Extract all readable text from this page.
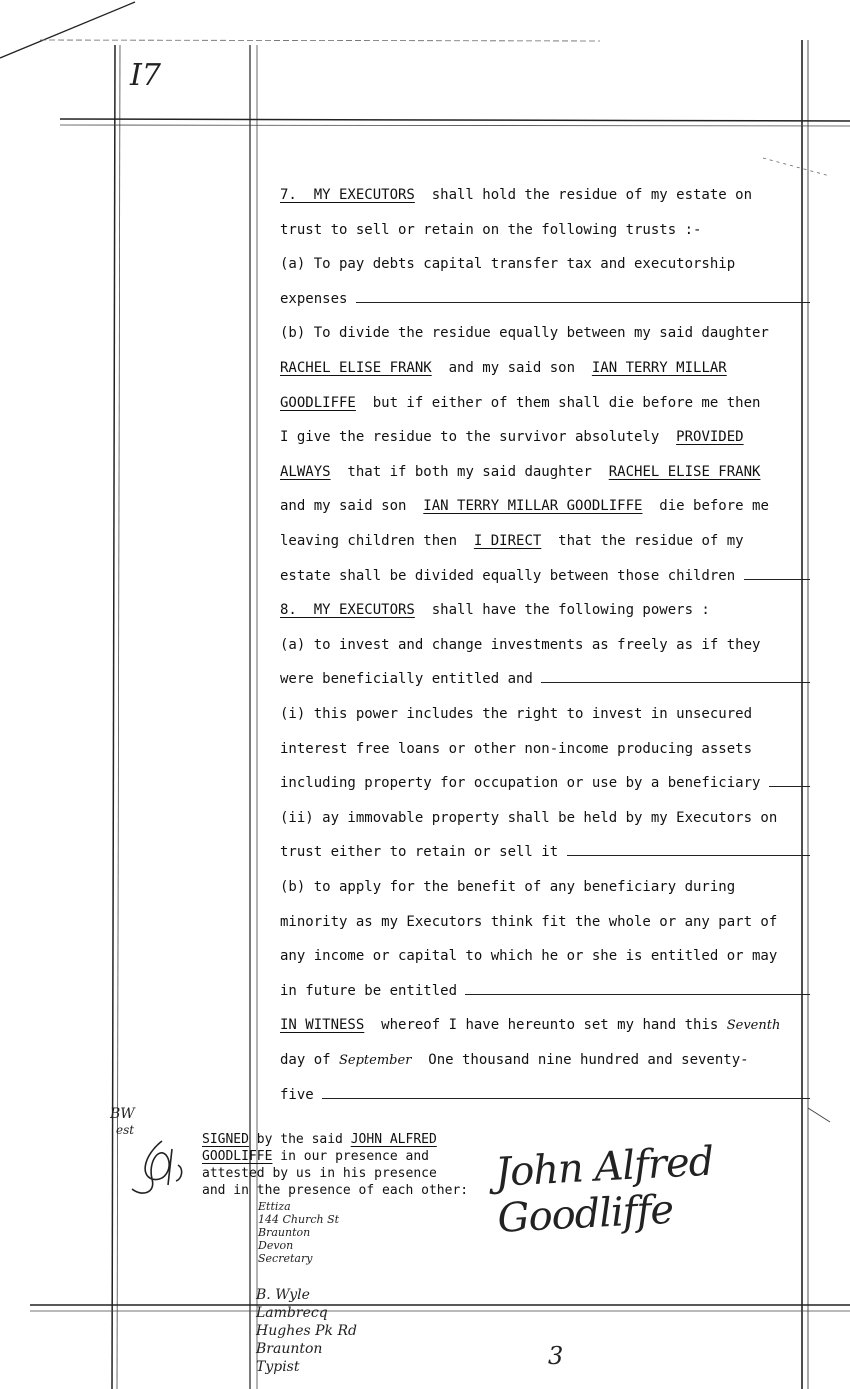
I7
7.  MY EXECUTORS  shall hold the residue of my estate on
trust to sell or retain on the following trusts :-
(a) To pay debts capital transfer tax and executorship
expenses
(b) To divide the residue equally between my said daughter
RACHEL ELISE FRANK  and my said son  IAN TERRY MILLAR
GOODLIFFE  but if either of them shall die before me then
I give the residue to the survivor absolutely  PROVIDED
ALWAYS  that if both my said daughter  RACHEL ELISE FRANK
and my said son  IAN TERRY MILLAR GOODLIFFE  die before me
leaving children then  I DIRECT  that the residue of my
estate shall be divided equally between those children
8.  MY EXECUTORS  shall have the following powers :
(a) to invest and change investments as freely as if they
were beneficially entitled and
(i) this power includes the right to invest in unsecured
interest free loans or other non-income producing assets
including property for occupation or use by a beneficiary
(ii) ay immovable property shall be held by my Executors on
trust either to retain or sell it
(b) to apply for the benefit of any beneficiary during
minority as my Executors think fit the whole or any part of
any income or capital to which he or she is entitled or may
in future be entitled
IN WITNESS  whereof I have hereunto set my hand this Seventh
day of September  One thousand nine hundred and seventy-
five
BW
est
SIGNED by the said JOHN ALFRED
GOODLIFFE in our presence and
attested by us in his presence
and in the presence of each other: John Alfred Goodliffe
Ettiza
144 Church St
Braunton
Devon
Secretary
B. Wyle
Lambrecq
Hughes Pk Rd
Braunton
Typist	3
